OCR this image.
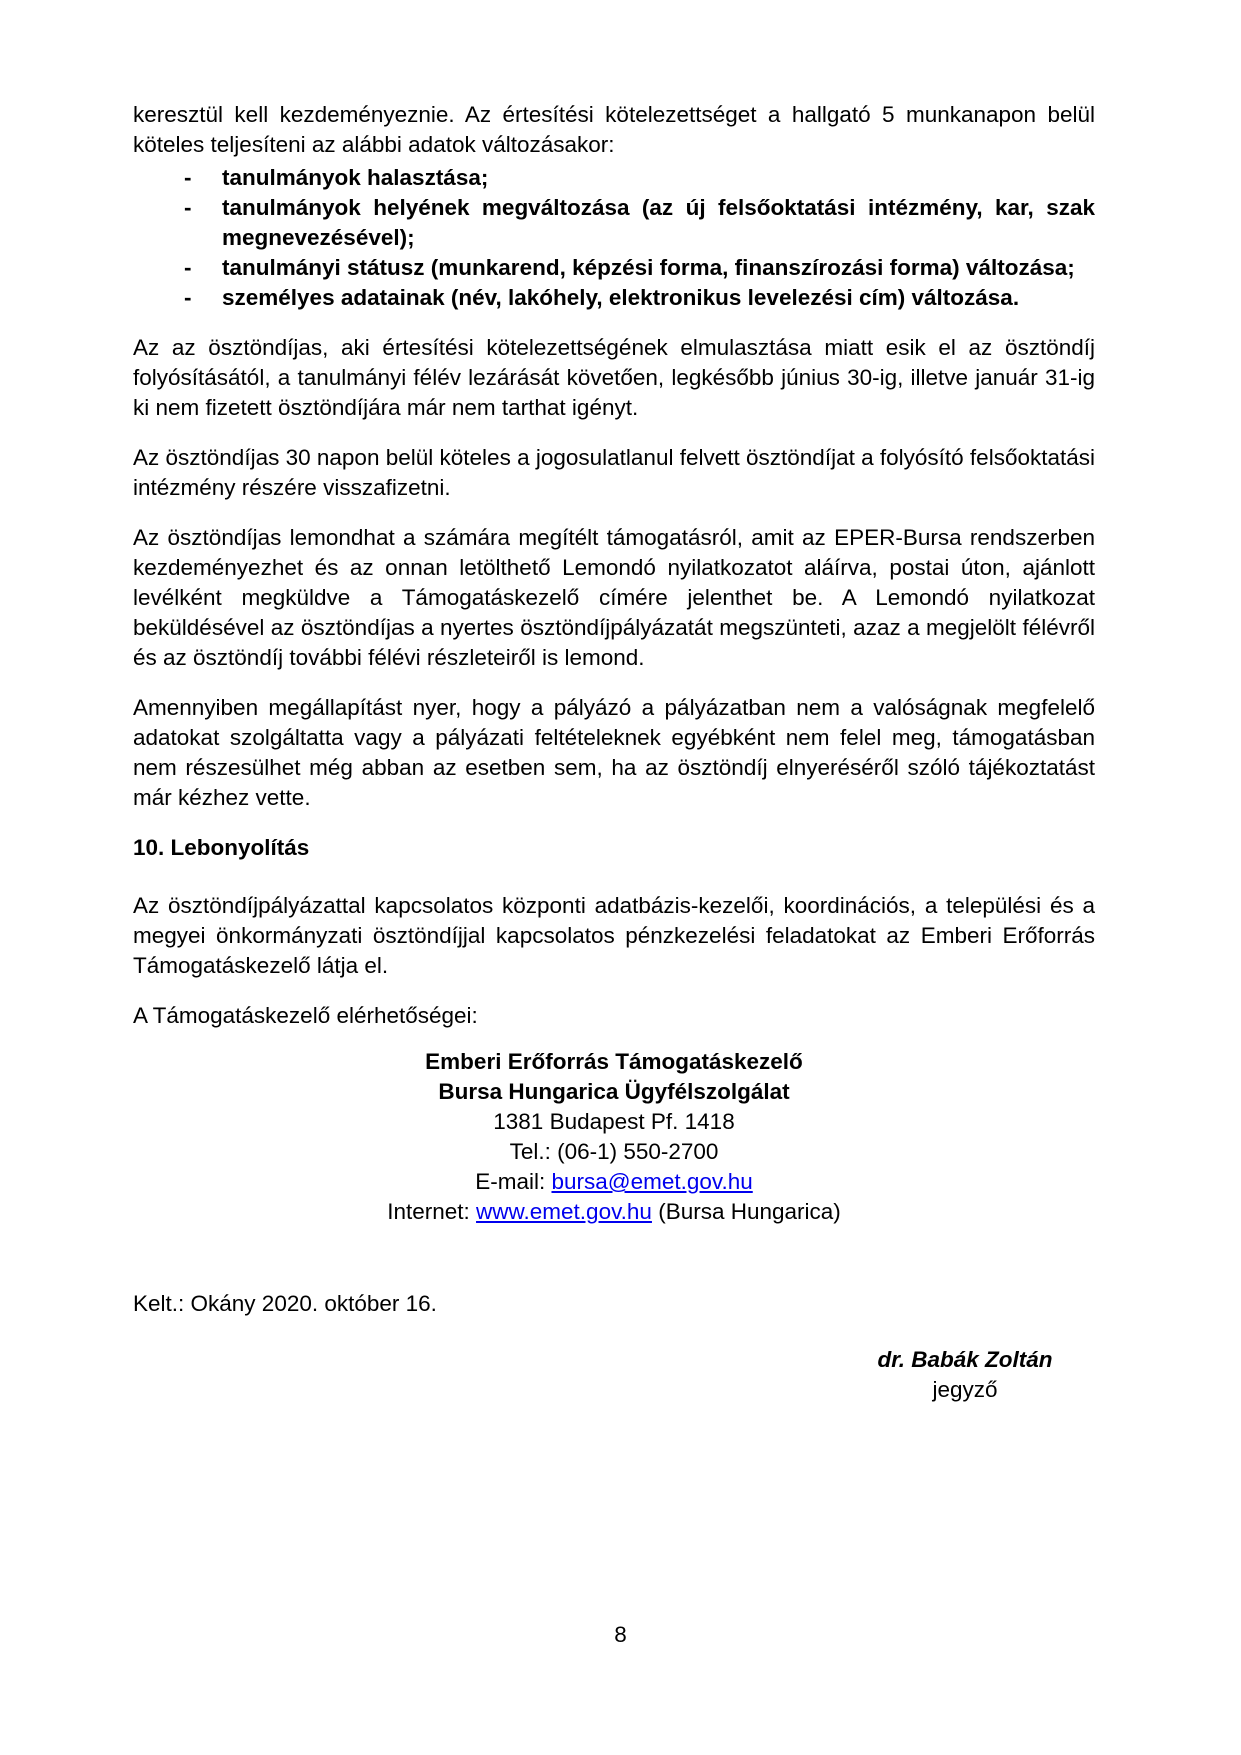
keresztül kell kezdeményeznie. Az értesítési kötelezettséget a hallgató 5 munkanapon belül köteles teljesíteni az alábbi adatok változásakor:

-	tanulmányok halasztása;
-	tanulmányok helyének megváltozása (az új felsőoktatási intézmény, kar, szak megnevezésével);
-	tanulmányi státusz (munkarend, képzési forma, finanszírozási forma) változása;
-	személyes adatainak (név, lakóhely, elektronikus levelezési cím) változása.

Az az ösztöndíjas, aki értesítési kötelezettségének elmulasztása miatt esik el az ösztöndíj folyósításától, a tanulmányi félév lezárását követően, legkésőbb június 30-ig, illetve január 31-ig ki nem fizetett ösztöndíjára már nem tarthat igényt.

Az ösztöndíjas 30 napon belül köteles a jogosulatlanul felvett ösztöndíjat a folyósító felsőoktatási intézmény részére visszafizetni.

Az ösztöndíjas lemondhat a számára megítélt támogatásról, amit az EPER-Bursa rendszerben kezdeményezhet és az onnan letölthető Lemondó nyilatkozatot aláírva, postai úton, ajánlott levélként megküldve a Támogatáskezelő címére jelenthet be. A Lemondó nyilatkozat beküldésével az ösztöndíjas a nyertes ösztöndíjpályázatát megszünteti, azaz a megjelölt félévről és az ösztöndíj további félévi részleteiről is lemond.

Amennyiben megállapítást nyer, hogy a pályázó a pályázatban nem a valóságnak megfelelő adatokat szolgáltatta vagy a pályázati feltételeknek egyébként nem felel meg, támogatásban nem részesülhet még abban az esetben sem, ha az ösztöndíj elnyeréséről szóló tájékoztatást már kézhez vette.

10. Lebonyolítás

Az ösztöndíjpályázattal kapcsolatos központi adatbázis-kezelői, koordinációs, a települési és a megyei önkormányzati ösztöndíjjal kapcsolatos pénzkezelési feladatokat az Emberi Erőforrás Támogatáskezelő látja el.

A Támogatáskezelő elérhetőségei:

Emberi Erőforrás Támogatáskezelő

Bursa Hungarica Ügyfélszolgálat

1381 Budapest Pf. 1418

Tel.: (06-1) 550-2700

E-mail: bursa@emet.gov.hu

Internet: www.emet.gov.hu (Bursa Hungarica)

Kelt.: Okány 2020. október 16.

dr. Babák Zoltán
jegyző
8
